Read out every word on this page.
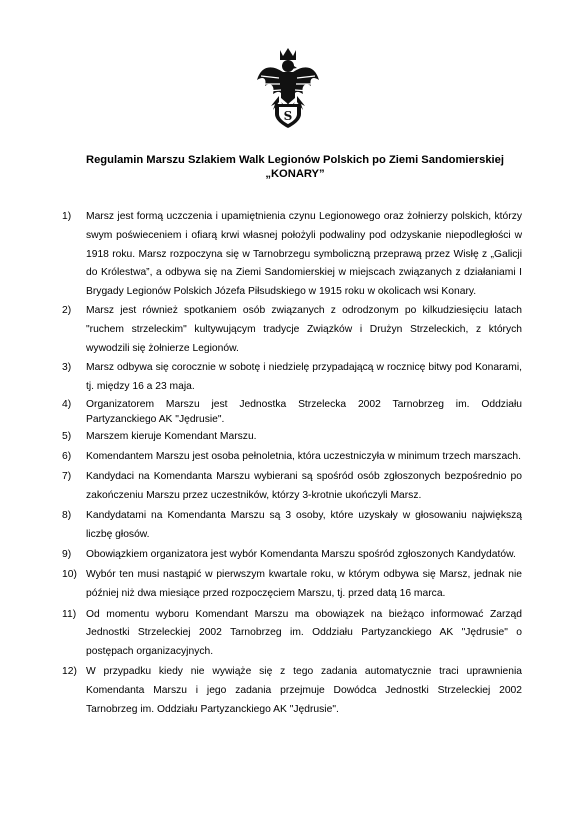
S
Regulamin Marszu Szlakiem Walk Legionów Polskich po Ziemi Sandomierskiej
„KONARY”
1)	Marsz jest formą uczczenia i upamiętnienia czynu Legionowego oraz żołnierzy polskich, którzy swym poświeceniem i ofiarą krwi własnej położyli podwaliny pod odzyskanie niepodległości w 1918 roku. Marsz rozpoczyna się w Tarnobrzegu symboliczną przeprawą przez Wisłę z „Galicji do Królestwa”, a odbywa się na Ziemi Sandomierskiej w miejscach związanych z działaniami I Brygady Legionów Polskich Józefa Piłsudskiego w 1915 roku w okolicach wsi Konary.
2)	Marsz jest również spotkaniem osób związanych z odrodzonym po kilkudziesięciu latach "ruchem strzeleckim" kultywującym tradycje Związków i Drużyn Strzeleckich, z których wywodzili się żołnierze Legionów.
3)	Marsz odbywa się corocznie w sobotę i niedzielę przypadającą w rocznicę bitwy pod Konarami, tj. między 16 a 23 maja.
4)	Organizatorem Marszu jest Jednostka Strzelecka 2002 Tarnobrzeg im. Oddziału Partyzanckiego AK "Jędrusie".
5)	Marszem kieruje Komendant Marszu.
6)	Komendantem Marszu jest osoba pełnoletnia, która uczestniczyła w minimum trzech marszach.
7)	Kandydaci na Komendanta Marszu wybierani są spośród osób zgłoszonych bezpośrednio po zakończeniu Marszu przez uczestników, którzy 3-krotnie ukończyli Marsz.
8)	Kandydatami na Komendanta Marszu są 3 osoby, które uzyskały w głosowaniu największą liczbę głosów.
9)	Obowiązkiem organizatora jest wybór Komendanta Marszu spośród zgłoszonych Kandydatów.
10) Wybór ten musi nastąpić w pierwszym kwartale roku, w którym odbywa się Marsz, jednak nie później niż dwa miesiące przed rozpoczęciem Marszu, tj. przed datą 16 marca.
11) Od momentu wyboru Komendant Marszu ma obowiązek na bieżąco informować Zarząd Jednostki Strzeleckiej 2002 Tarnobrzeg im. Oddziału Partyzanckiego AK "Jędrusie" o postępach organizacyjnych.
12) W przypadku kiedy nie wywiąże się z tego zadania automatycznie traci uprawnienia Komendanta Marszu i jego zadania przejmuje Dowódca Jednostki Strzeleckiej 2002 Tarnobrzeg im. Oddziału Partyzanckiego AK "Jędrusie".
